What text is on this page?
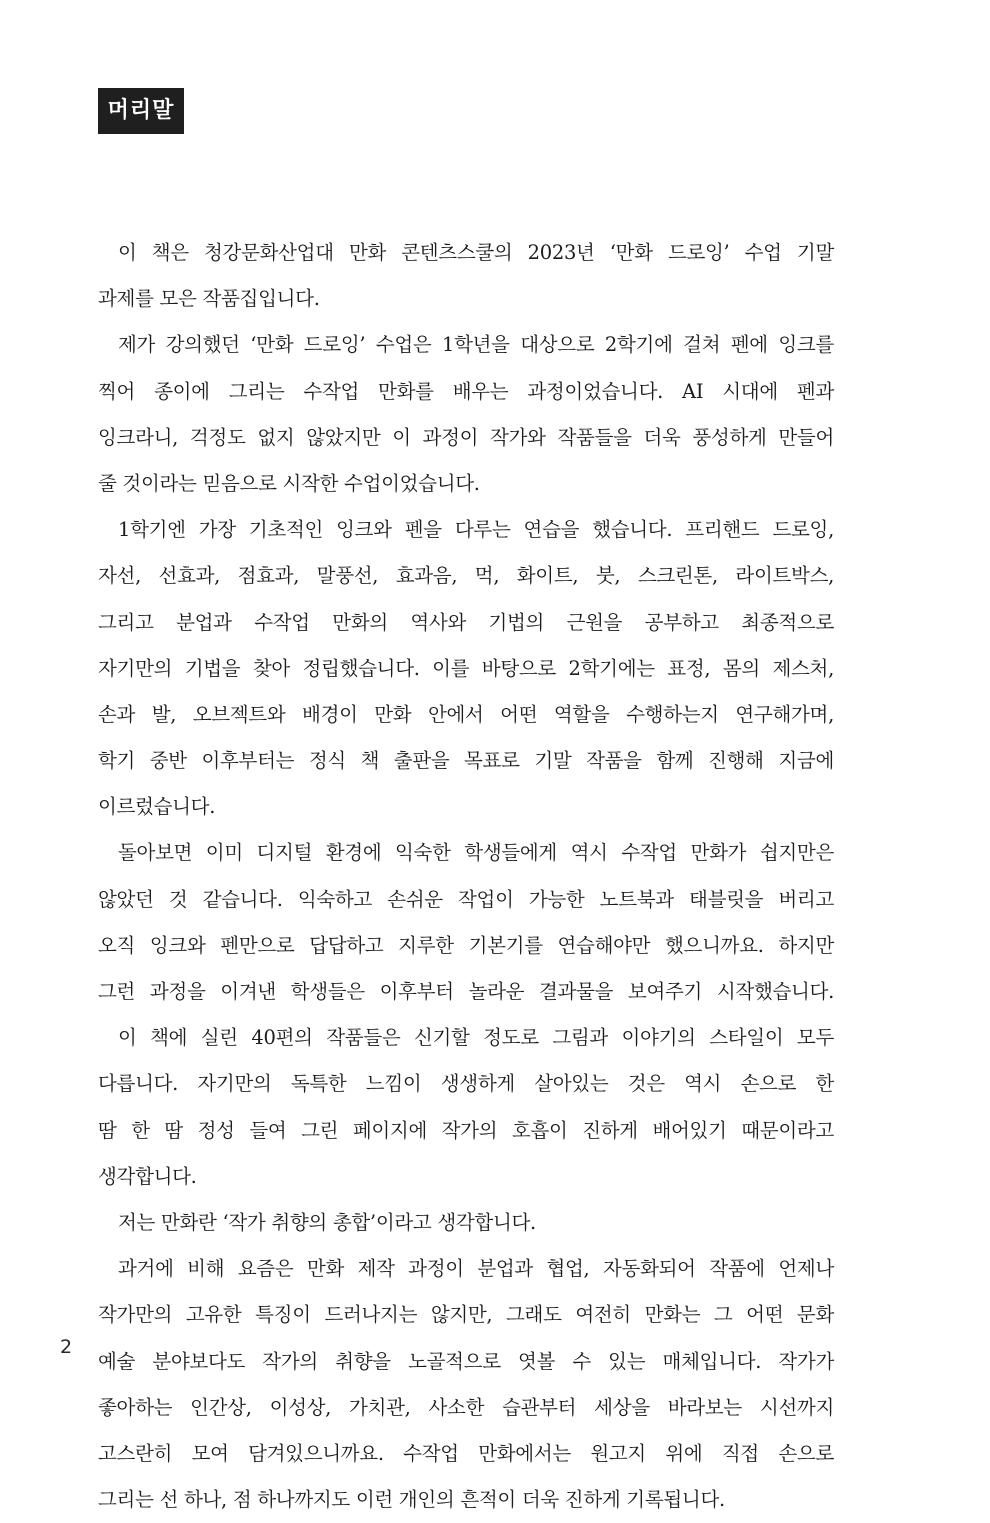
머리말
이 책은 청강문화산업대 만화 콘텐츠스쿨의 2023년 ‘만화 드로잉’ 수업 기말
과제를 모은 작품집입니다.
제가 강의했던 ‘만화 드로잉’ 수업은 1학년을 대상으로 2학기에 걸쳐 펜에 잉크를
찍어 종이에 그리는 수작업 만화를 배우는 과정이었습니다. AI 시대에 펜과
잉크라니, 걱정도 없지 않았지만 이 과정이 작가와 작품들을 더욱 풍성하게 만들어
줄 것이라는 믿음으로 시작한 수업이었습니다.
1학기엔 가장 기초적인 잉크와 펜을 다루는 연습을 했습니다. 프리핸드 드로잉,
자선, 선효과, 점효과, 말풍선, 효과음, 먹, 화이트, 붓, 스크린톤, 라이트박스,
그리고 분업과 수작업 만화의 역사와 기법의 근원을 공부하고 최종적으로
자기만의 기법을 찾아 정립했습니다. 이를 바탕으로 2학기에는 표정, 몸의 제스처,
손과 발, 오브젝트와 배경이 만화 안에서 어떤 역할을 수행하는지 연구해가며,
학기 중반 이후부터는 정식 책 출판을 목표로 기말 작품을 함께 진행해 지금에
이르렀습니다.
돌아보면 이미 디지털 환경에 익숙한 학생들에게 역시 수작업 만화가 쉽지만은
않았던 것 같습니다. 익숙하고 손쉬운 작업이 가능한 노트북과 태블릿을 버리고
오직 잉크와 펜만으로 답답하고 지루한 기본기를 연습해야만 했으니까요. 하지만
그런 과정을 이겨낸 학생들은 이후부터 놀라운 결과물을 보여주기 시작했습니다.
이 책에 실린 40편의 작품들은 신기할 정도로 그림과 이야기의 스타일이 모두
다릅니다. 자기만의 독특한 느낌이 생생하게 살아있는 것은 역시 손으로 한
땀 한 땀 정성 들여 그린 페이지에 작가의 호흡이 진하게 배어있기 때문이라고
생각합니다.
저는 만화란 ‘작가 취향의 총합’이라고 생각합니다.
과거에 비해 요즘은 만화 제작 과정이 분업과 협업, 자동화되어 작품에 언제나
작가만의 고유한 특징이 드러나지는 않지만, 그래도 여전히 만화는 그 어떤 문화
예술 분야보다도 작가의 취향을 노골적으로 엿볼 수 있는 매체입니다. 작가가
좋아하는 인간상, 이성상, 가치관, 사소한 습관부터 세상을 바라보는 시선까지
고스란히 모여 담겨있으니까요. 수작업 만화에서는 원고지 위에 직접 손으로
그리는 선 하나, 점 하나까지도 이런 개인의 흔적이 더욱 진하게 기록됩니다.
2
